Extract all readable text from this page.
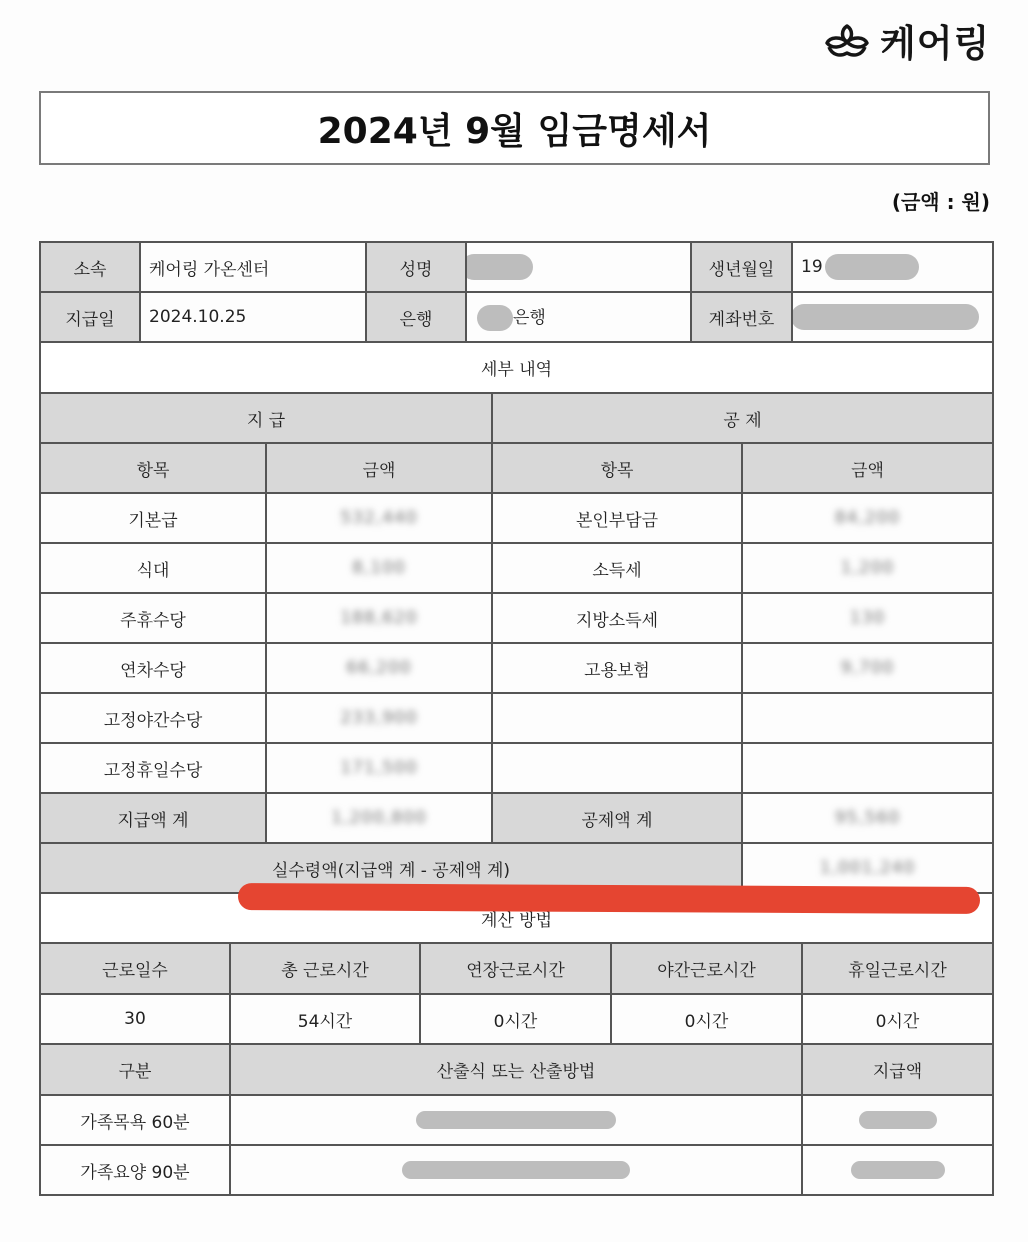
케어링
2024년 9월 임금명세서
(금액 : 원)
소속	케어링 가온센터	성명		생년월일	19
지급일	2024.10.25	은행	은행	계좌번호	
세부 내역			
지 급		공 제	
항목	금액	항목	금액
기본급	532,440	본인부담금	84,200
식대	8,100	소득세	1,200
주휴수당	188,620	지방소득세	130
연차수당	66,200	고용보험	9,700
고정야간수당	233,900		
고정휴일수당	171,500		
지급액 계	1,200,800	공제액 계	95,560
실수령액(지급액 계 - 공제액 계)			1,001,240
계산 방법			
근로일수	총 근로시간	연장근로시간	야간근로시간	휴일근로시간
30	54시간	0시간	0시간	0시간
구분	산출식 또는 산출방법	지급액
가족목욕 60분		
가족요양 90분		
